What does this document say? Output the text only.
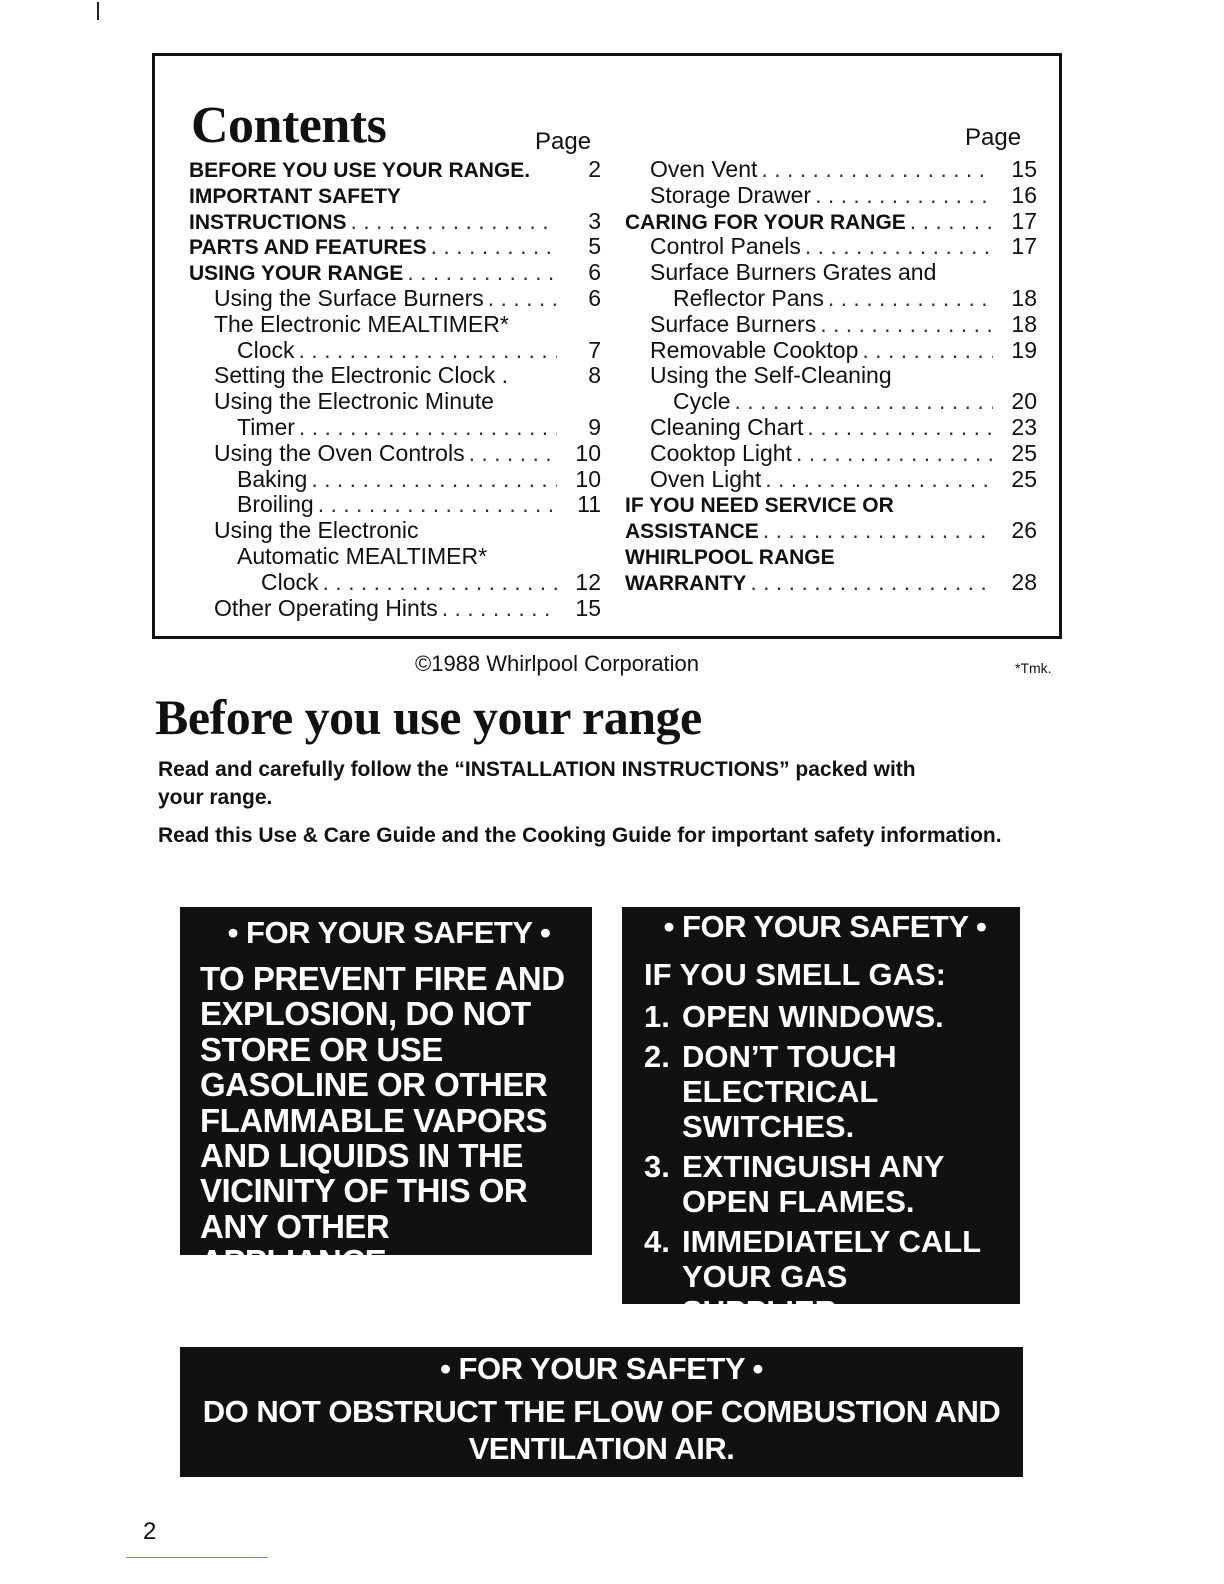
Contents	Page	Page
BEFORE YOU USE YOUR RANGE.	2
IMPORTANT SAFETY
INSTRUCTIONS . . .	3
PARTS AND FEATURES . . .	5
USING YOUR RANGE . . .	6
Using the Surface Burners . . .	6
The Electronic MEALTIMER*
Clock . . .	7
Setting the Electronic Clock .	8
Using the Electronic Minute
Timer . . .	9
Using the Oven Controls . . .	10
Baking . . .	10
Broiling . . .	11
Using the Electronic
Automatic MEALTIMER*
Clock . . .	12
Other Operating Hints . . .	15
Oven Vent . . .	15
Storage Drawer . . .	16
CARING FOR YOUR RANGE . . .	17
Control Panels . . .	17
Surface Burners Grates and
Reflector Pans . . .	18
Surface Burners . . .	18
Removable Cooktop . . .	19
Using the Self-Cleaning
Cycle . . .	20
Cleaning Chart . . .	23
Cooktop Light . . .	25
Oven Light . . .	25
IF YOU NEED SERVICE OR
ASSISTANCE . . .	26
WHIRLPOOL RANGE
WARRANTY . . .	28
©1988 Whirlpool Corporation	*Tmk.
Before you use your range
Read and carefully follow the “INSTALLATION INSTRUCTIONS” packed with your range.
Read this Use & Care Guide and the Cooking Guide for important safety information.
• FOR YOUR SAFETY •
TO PREVENT FIRE AND EXPLOSION, DO NOT STORE OR USE GASOLINE OR OTHER FLAMMABLE VAPORS AND LIQUIDS IN THE VICINITY OF THIS OR ANY OTHER APPLIANCE.
• FOR YOUR SAFETY •
IF YOU SMELL GAS:
1. OPEN WINDOWS.
2. DON’T TOUCH ELECTRICAL SWITCHES.
3. EXTINGUISH ANY OPEN FLAMES.
4. IMMEDIATELY CALL YOUR GAS SUPPLIER.
• FOR YOUR SAFETY •
DO NOT OBSTRUCT THE FLOW OF COMBUSTION AND VENTILATION AIR.
2
